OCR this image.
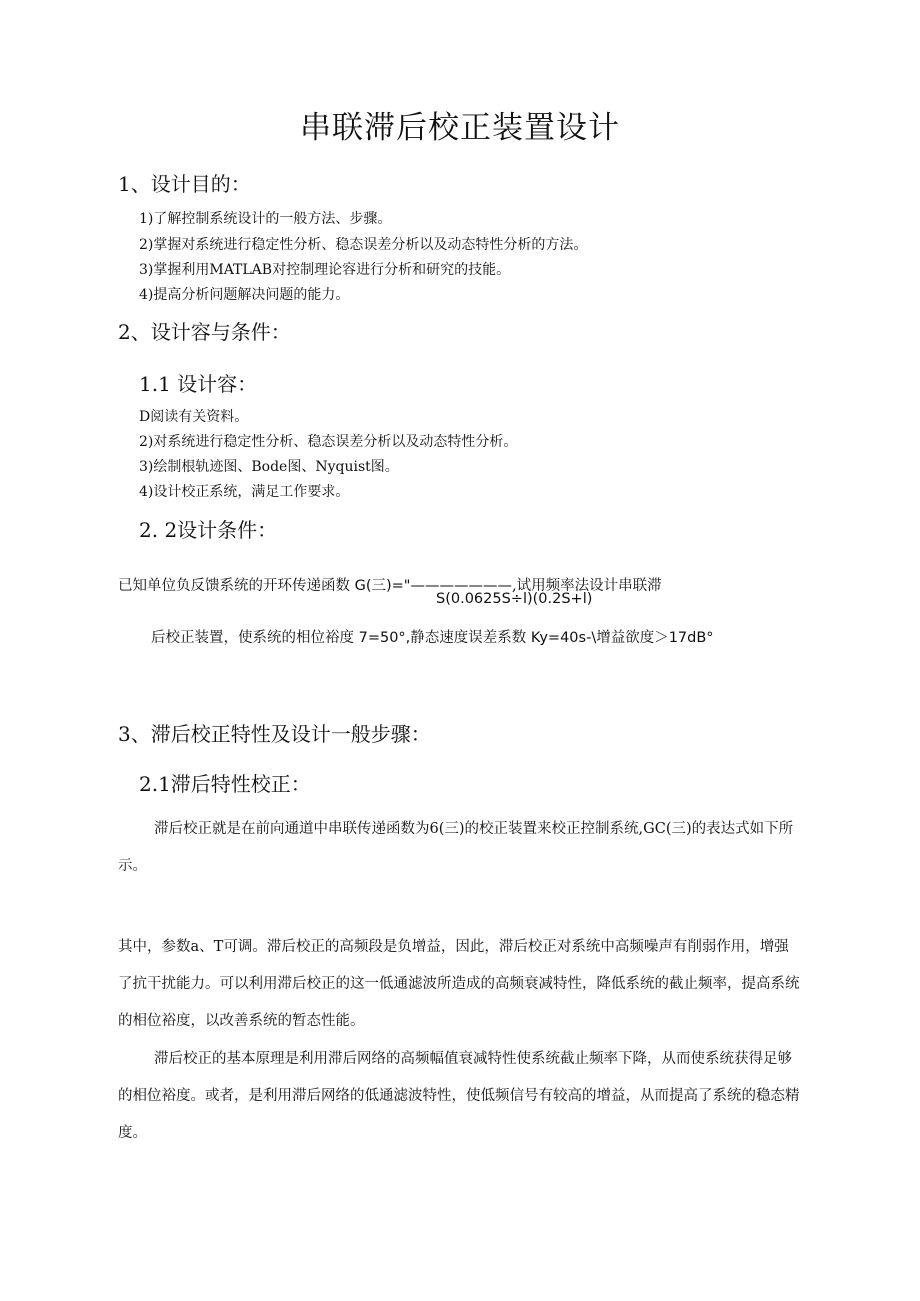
串联滞后校正装置设计
1、设计目的：
1)了解控制系统设计的一般方法、步骤。
2)掌握对系统进行稳定性分析、稳态误差分析以及动态特性分析的方法。
3)掌握利用MATLAB对控制理论容进行分析和研究的技能。
4)提高分析问题解决问题的能力。
2、设计容与条件：
1.1 设计容：
D阅读有关资料。
2)对系统进行稳定性分析、稳态误差分析以及动态特性分析。
3)绘制根轨迹图、Bode图、Nyquist图。
4)设计校正系统，满足工作要求。
2. 2设计条件：
已知单位负反馈系统的开环传递函数 G(三)="———————,试用频率法设计串联滞
S(0.0625S÷l)(0.2S+l)
后校正装置，使系统的相位裕度 7=50°,静态速度误差系数 Ky=40s-\增益欲度＞17dB°
3、滞后校正特性及设计一般步骤：
2.1滞后特性校正：
滞后校正就是在前向通道中串联传递函数为6(三)的校正装置来校正控制系统,GC(三)的表达式如下所示。
其中，参数a、T可调。滞后校正的高频段是负增益，因此，滞后校正对系统中高频噪声有削弱作用，增强了抗干扰能力。可以利用滞后校正的这一低通滤波所造成的高频衰减特性，降低系统的截止频率，提高系统的相位裕度，以改善系统的暂态性能。
滞后校正的基本原理是利用滞后网络的高频幅值衰减特性使系统截止频率下降，从而使系统获得足够的相位裕度。或者，是利用滞后网络的低通滤波特性，使低频信号有较高的增益，从而提高了系统的稳态精度。
